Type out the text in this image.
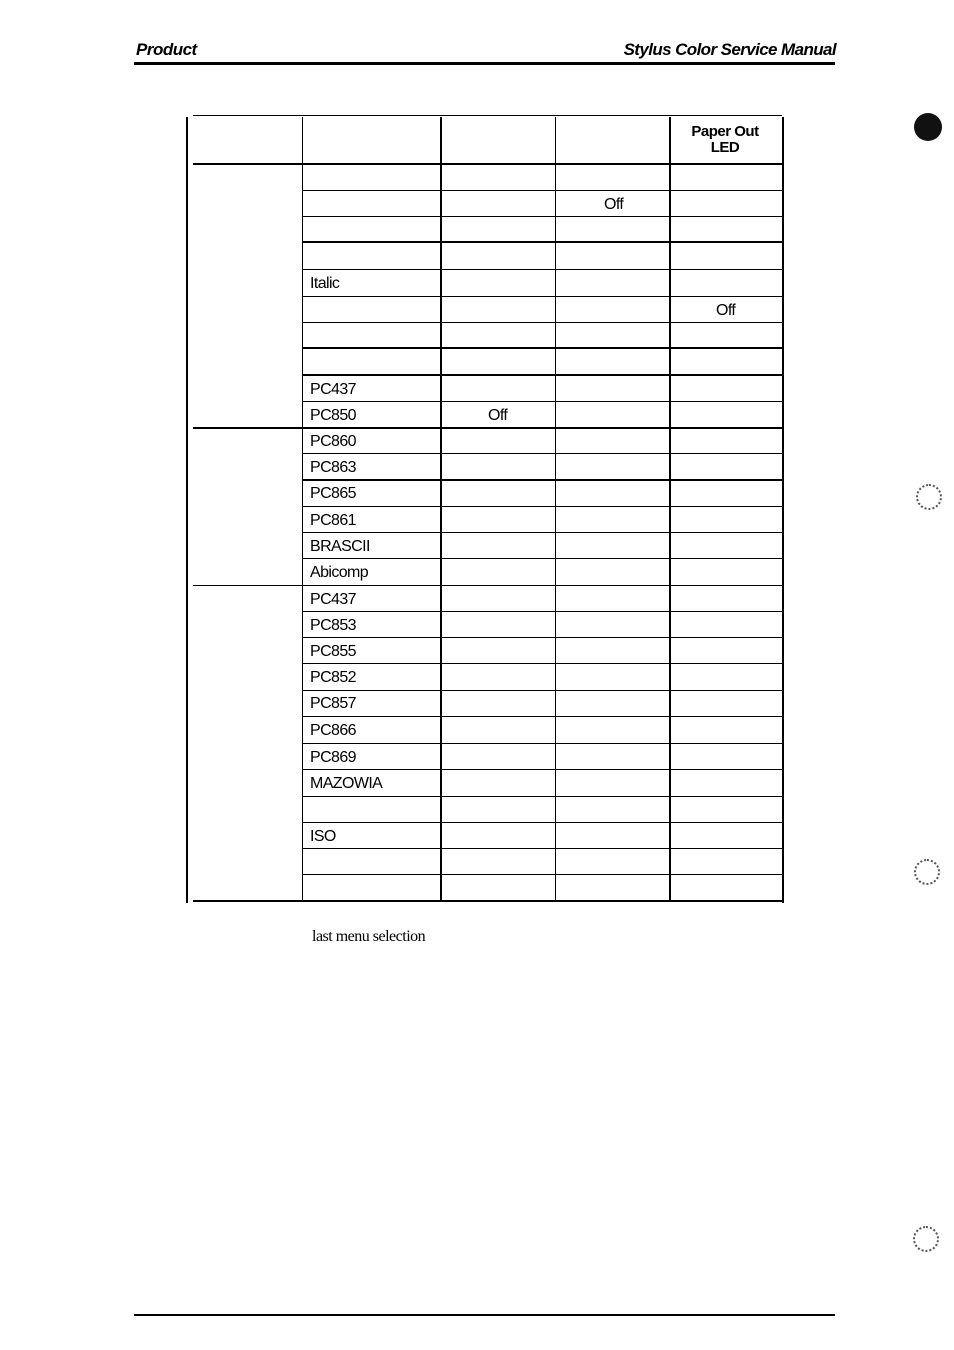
Product	Stylus Color Service Manual
Paper Out
LED
Off
Italic
Off
PC437
PC850	Off
PC860
PC863
PC865
PC861
BRASCII
Abicomp
PC437
PC853
PC855
PC852
PC857
PC866
PC869
MAZOWIA
ISO
last menu selection
